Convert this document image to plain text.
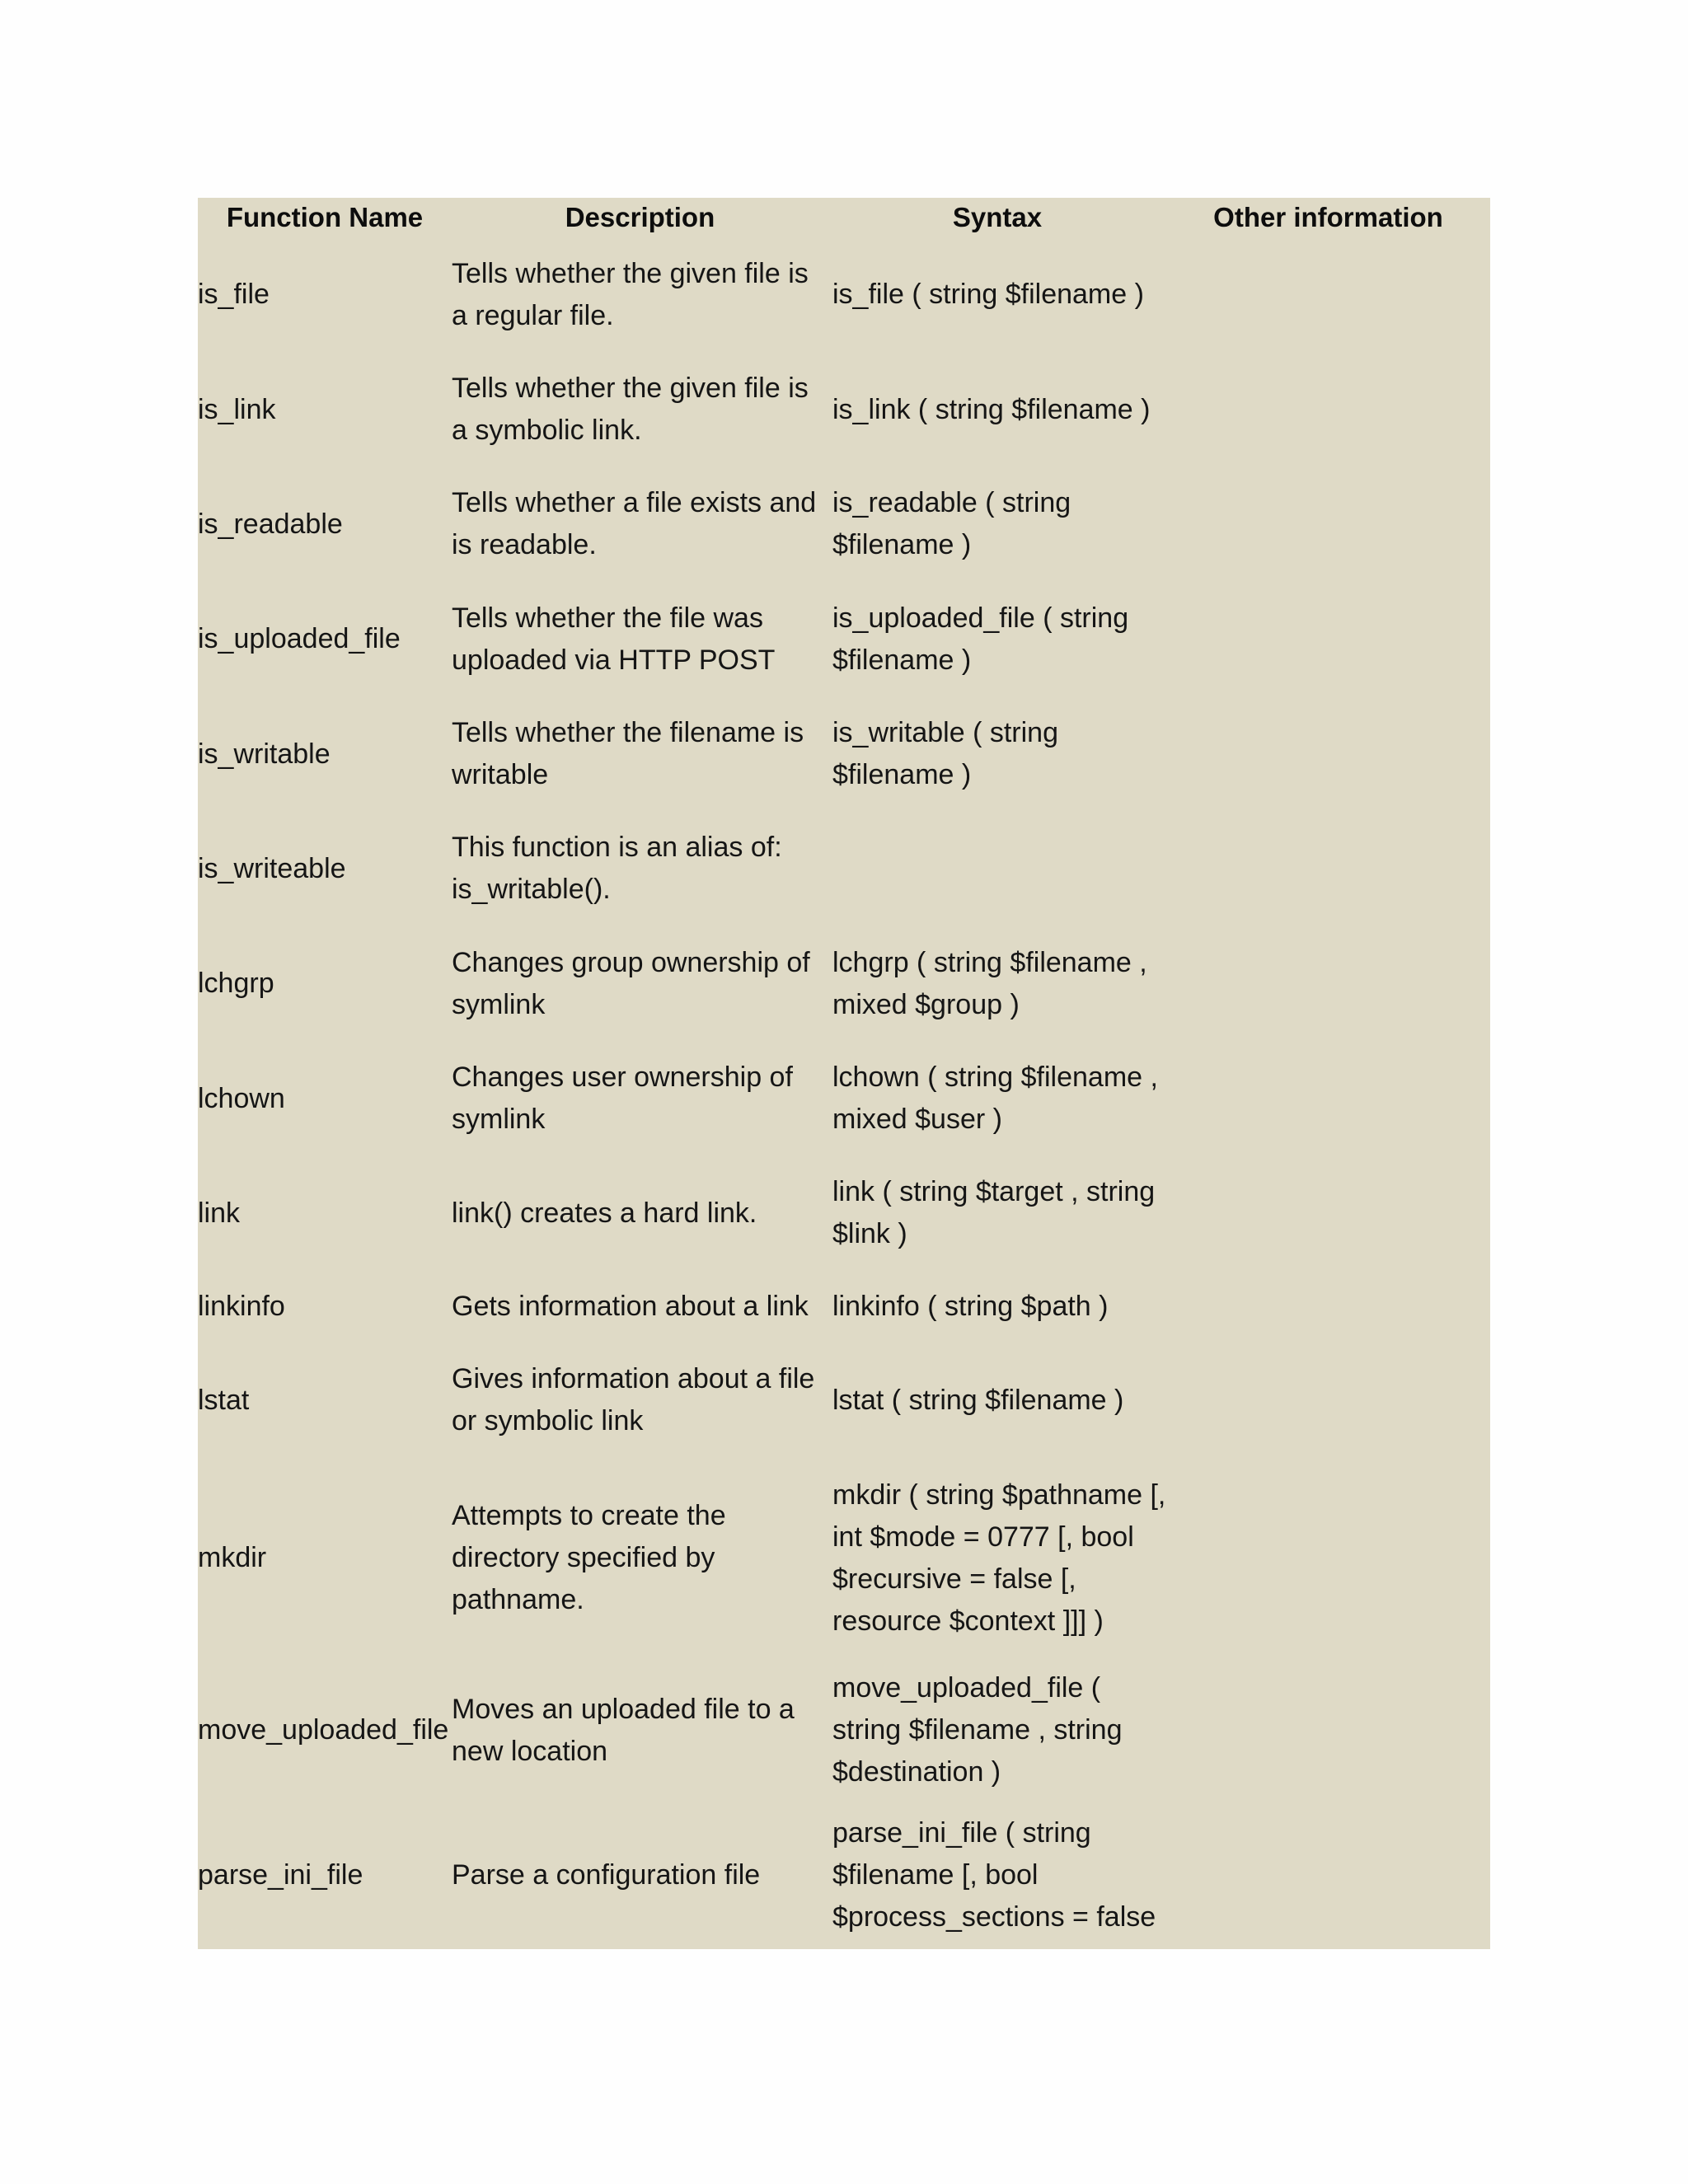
Function Name	Description	Syntax	Other information
is_file	Tells whether the given file is a regular file.	is_file ( string $filename )	
is_link	Tells whether the given file is a symbolic link.	is_link ( string $filename )	
is_readable	Tells whether a file exists and is readable.	is_readable ( string $filename )	
is_uploaded_file	Tells whether the file was uploaded via HTTP POST	is_uploaded_file ( string $filename )	
is_writable	Tells whether the filename is writable	is_writable ( string $filename )	
is_writeable	This function is an alias of: is_writable().		
lchgrp	Changes group ownership of symlink	lchgrp ( string $filename , mixed $group )	
lchown	Changes user ownership of symlink	lchown ( string $filename , mixed $user )	
link	link() creates a hard link.	link ( string $target , string $link )	
linkinfo	Gets information about a link	linkinfo ( string $path )	
lstat	Gives information about a file or symbolic link	lstat ( string $filename )	
mkdir	Attempts to create the directory specified by pathname.	mkdir ( string $pathname [, int $mode = 0777 [, bool $recursive = false [, resource $context ]]] )	
move_uploaded_file	Moves an uploaded file to a new location	move_uploaded_file ( string $filename , string $destination )	
parse_ini_file	Parse a configuration file	parse_ini_file ( string $filename [, bool $process_sections = false	
